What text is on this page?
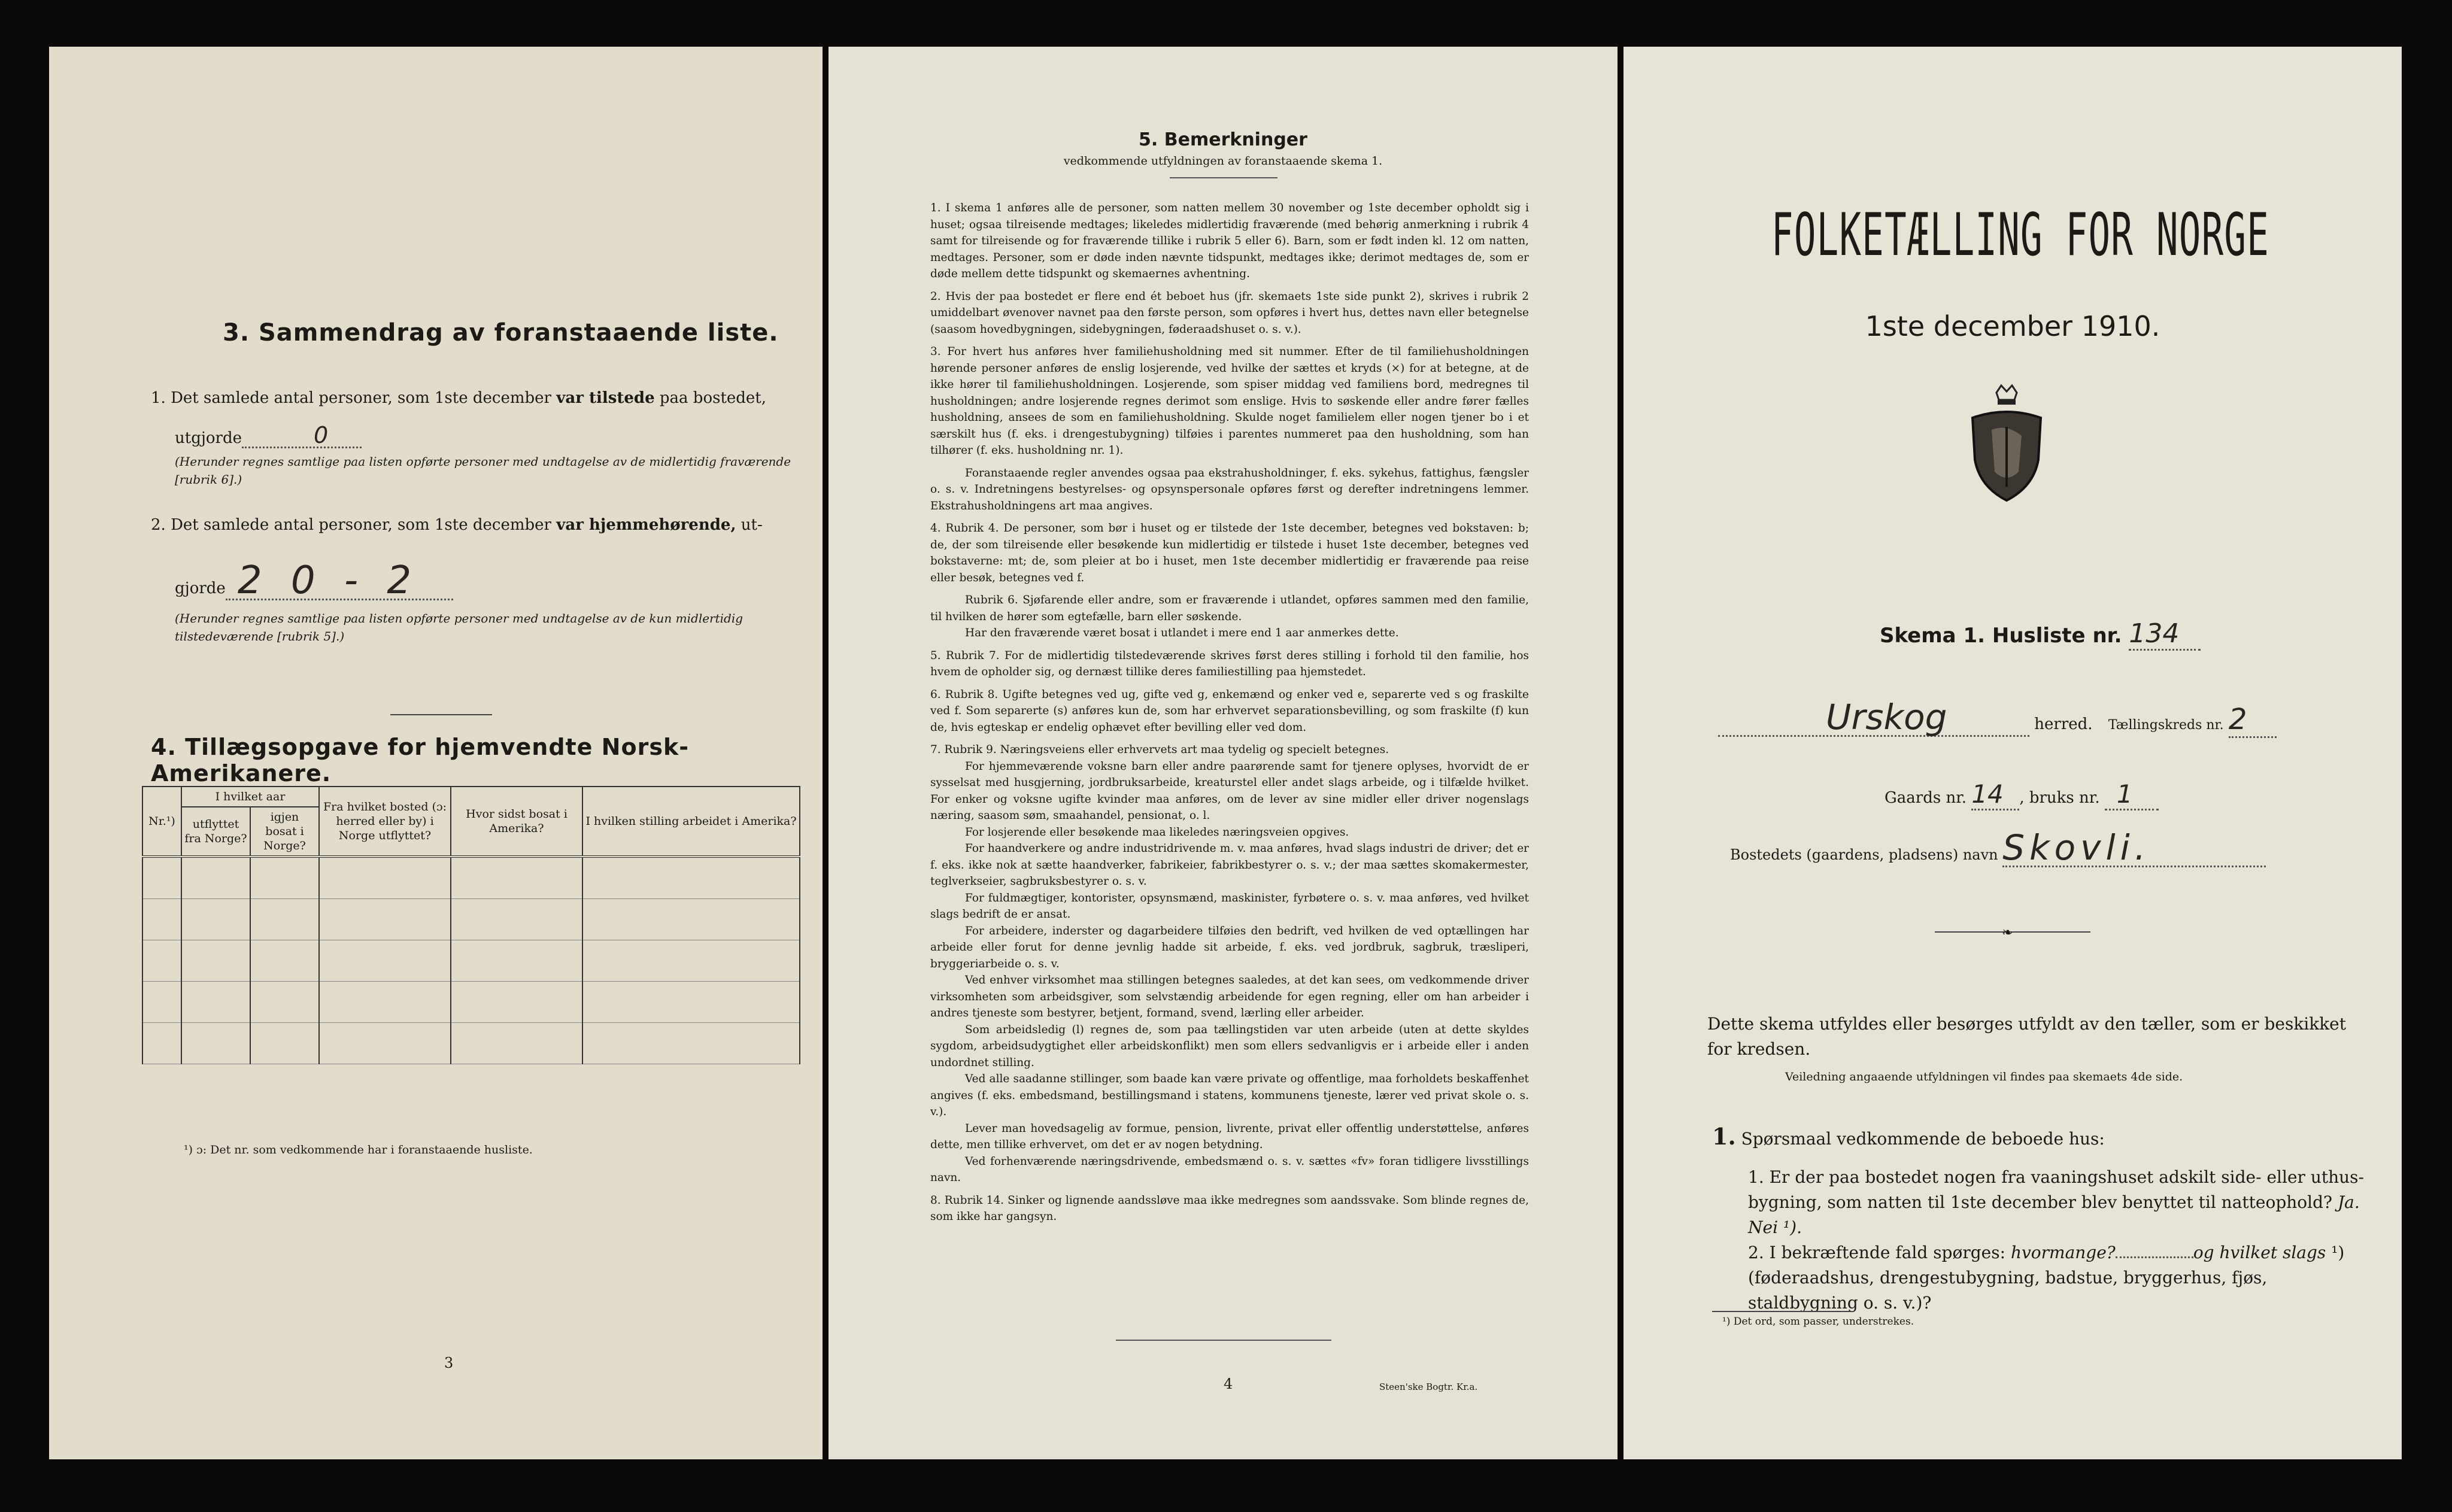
3. Sammendrag av foranstaaende liste.
1. Det samlede antal personer, som 1ste december var tilstede paa bostedet,
utgjorde	0
(Herunder regnes samtlige paa listen opførte personer med undtagelse av de midlertidig fraværende [rubrik 6].)
2. Det samlede antal personer, som 1ste december var hjemmehørende, ut-
gjorde 2 0 - 2
(Herunder regnes samtlige paa listen opførte personer med undtagelse av de kun midlertidig tilstedeværende [rubrik 5].)
4. Tillægsopgave for hjemvendte Norsk-Amerikanere.
Nr.¹)	I hvilket aar		Fra hvilket bosted (ɔ: herred eller by) i Norge utflyttet?	Hvor sidst bosat i Amerika?	I hvilken stilling arbeidet i Amerika?
	utflyttet fra Norge?	igjen bosat i Norge?			

¹) ɔ: Det nr. som vedkommende har i foranstaaende husliste.
3
5. Bemerkninger
vedkommende utfyldningen av foranstaaende skema 1.

1. I skema 1 anføres alle de personer, som natten mellem 30 november og 1ste december opholdt sig i huset; ogsaa tilreisende medtages; likeledes midlertidig fraværende (med behørig anmerkning i rubrik 4 samt for tilreisende og for fraværende tillike i rubrik 5 eller 6). Barn, som er født inden kl. 12 om natten, medtages. Personer, som er døde inden nævnte tidspunkt, medtages ikke; derimot medtages de, som er døde mellem dette tidspunkt og skemaernes avhentning.

2. Hvis der paa bostedet er flere end ét beboet hus (jfr. skemaets 1ste side punkt 2), skrives i rubrik 2 umiddelbart øvenover navnet paa den første person, som opføres i hvert hus, dettes navn eller betegnelse (saasom hovedbygningen, sidebygningen, føderaadshuset o. s. v.).

3. For hvert hus anføres hver familiehusholdning med sit nummer. Efter de til familiehusholdningen hørende personer anføres de enslig losjerende, ved hvilke der sættes et kryds (×) for at betegne, at de ikke hører til familiehusholdningen. Losjerende, som spiser middag ved familiens bord, medregnes til husholdningen; andre losjerende regnes derimot som enslige. Hvis to søskende eller andre fører fælles husholdning, ansees de som en familiehusholdning. Skulde noget familielem eller nogen tjener bo i et særskilt hus (f. eks. i drengestubygning) tilføies i parentes nummeret paa den husholdning, som han tilhører (f. eks. husholdning nr. 1).

Foranstaaende regler anvendes ogsaa paa ekstrahusholdninger, f. eks. sykehus, fattighus, fængsler o. s. v. Indretningens bestyrelses- og opsynspersonale opføres først og derefter indretningens lemmer. Ekstrahusholdningens art maa angives.

4. Rubrik 4. De personer, som bør i huset og er tilstede der 1ste december, betegnes ved bokstaven: b; de, der som tilreisende eller besøkende kun midlertidig er tilstede i huset 1ste december, betegnes ved bokstaverne: mt; de, som pleier at bo i huset, men 1ste december midlertidig er fraværende paa reise eller besøk, betegnes ved f.

Rubrik 6. Sjøfarende eller andre, som er fraværende i utlandet, opføres sammen med den familie, til hvilken de hører som egtefælle, barn eller søskende.

Har den fraværende været bosat i utlandet i mere end 1 aar anmerkes dette.

5. Rubrik 7. For de midlertidig tilstedeværende skrives først deres stilling i forhold til den familie, hos hvem de opholder sig, og dernæst tillike deres familiestilling paa hjemstedet.

6. Rubrik 8. Ugifte betegnes ved ug, gifte ved g, enkemænd og enker ved e, separerte ved s og fraskilte ved f. Som separerte (s) anføres kun de, som har erhvervet separationsbevilling, og som fraskilte (f) kun de, hvis egteskap er endelig ophævet efter bevilling eller ved dom.

7. Rubrik 9. Næringsveiens eller erhvervets art maa tydelig og specielt betegnes.

For hjemmeværende voksne barn eller andre paarørende samt for tjenere oplyses, hvorvidt de er sysselsat med husgjerning, jordbruksarbeide, kreaturstel eller andet slags arbeide, og i tilfælde hvilket. For enker og voksne ugifte kvinder maa anføres, om de lever av sine midler eller driver nogenslags næring, saasom søm, smaahandel, pensionat, o. l.

For losjerende eller besøkende maa likeledes næringsveien opgives.

For haandverkere og andre industridrivende m. v. maa anføres, hvad slags industri de driver; det er f. eks. ikke nok at sætte haandverker, fabrikeier, fabrikbestyrer o. s. v.; der maa sættes skomakermester, teglverkseier, sagbruksbestyrer o. s. v.

For fuldmægtiger, kontorister, opsynsmænd, maskinister, fyrbøtere o. s. v. maa anføres, ved hvilket slags bedrift de er ansat.

For arbeidere, inderster og dagarbeidere tilføies den bedrift, ved hvilken de ved optællingen har arbeide eller forut for denne jevnlig hadde sit arbeide, f. eks. ved jordbruk, sagbruk, træsliperi, bryggeriarbeide o. s. v.

Ved enhver virksomhet maa stillingen betegnes saaledes, at det kan sees, om vedkommende driver virksomheten som arbeidsgiver, som selvstændig arbeidende for egen regning, eller om han arbeider i andres tjeneste som bestyrer, betjent, formand, svend, lærling eller arbeider.

Som arbeidsledig (l) regnes de, som paa tællingstiden var uten arbeide (uten at dette skyldes sygdom, arbeidsudygtighet eller arbeidskonflikt) men som ellers sedvanligvis er i arbeide eller i anden undordnet stilling.

Ved alle saadanne stillinger, som baade kan være private og offentlige, maa forholdets beskaffenhet angives (f. eks. embedsmand, bestillingsmand i statens, kommunens tjeneste, lærer ved privat skole o. s. v.).

Lever man hovedsagelig av formue, pension, livrente, privat eller offentlig understøttelse, anføres dette, men tillike erhvervet, om det er av nogen betydning.

Ved forhenværende næringsdrivende, embedsmænd o. s. v. sættes «fv» foran tidligere livsstillings navn.

8. Rubrik 14. Sinker og lignende aandssløve maa ikke medregnes som aandssvake. Som blinde regnes de, som ikke har gangsyn.

4	Steen'ske Bogtr. Kr.a.
FOLKETÆLLING FOR NORGE
1ste december 1910.
Skema 1. Husliste nr. 134
Urskog	herred. Tællingskreds nr. 2
Gaards nr. 14 , bruks nr. 1
Bostedets (gaardens, pladsens) navn Skovli.
❧
Dette skema utfyldes eller besørges utfyldt av den tæller, som er beskikket for kredsen.
Veiledning angaaende utfyldningen vil findes paa skemaets 4de side.
1. Spørsmaal vedkommende de beboede hus:
1. Er der paa bostedet nogen fra vaaningshuset adskilt side- eller uthus-bygning, som natten til 1ste december blev benyttet til natteophold? Ja. Nei ¹).
2. I bekræftende fald spørges: hvormange?	og hvilket slags ¹) (føderaadshus, drengestubygning, badstue, bryggerhus, fjøs, staldbygning o. s. v.)?
¹) Det ord, som passer, understrekes.
